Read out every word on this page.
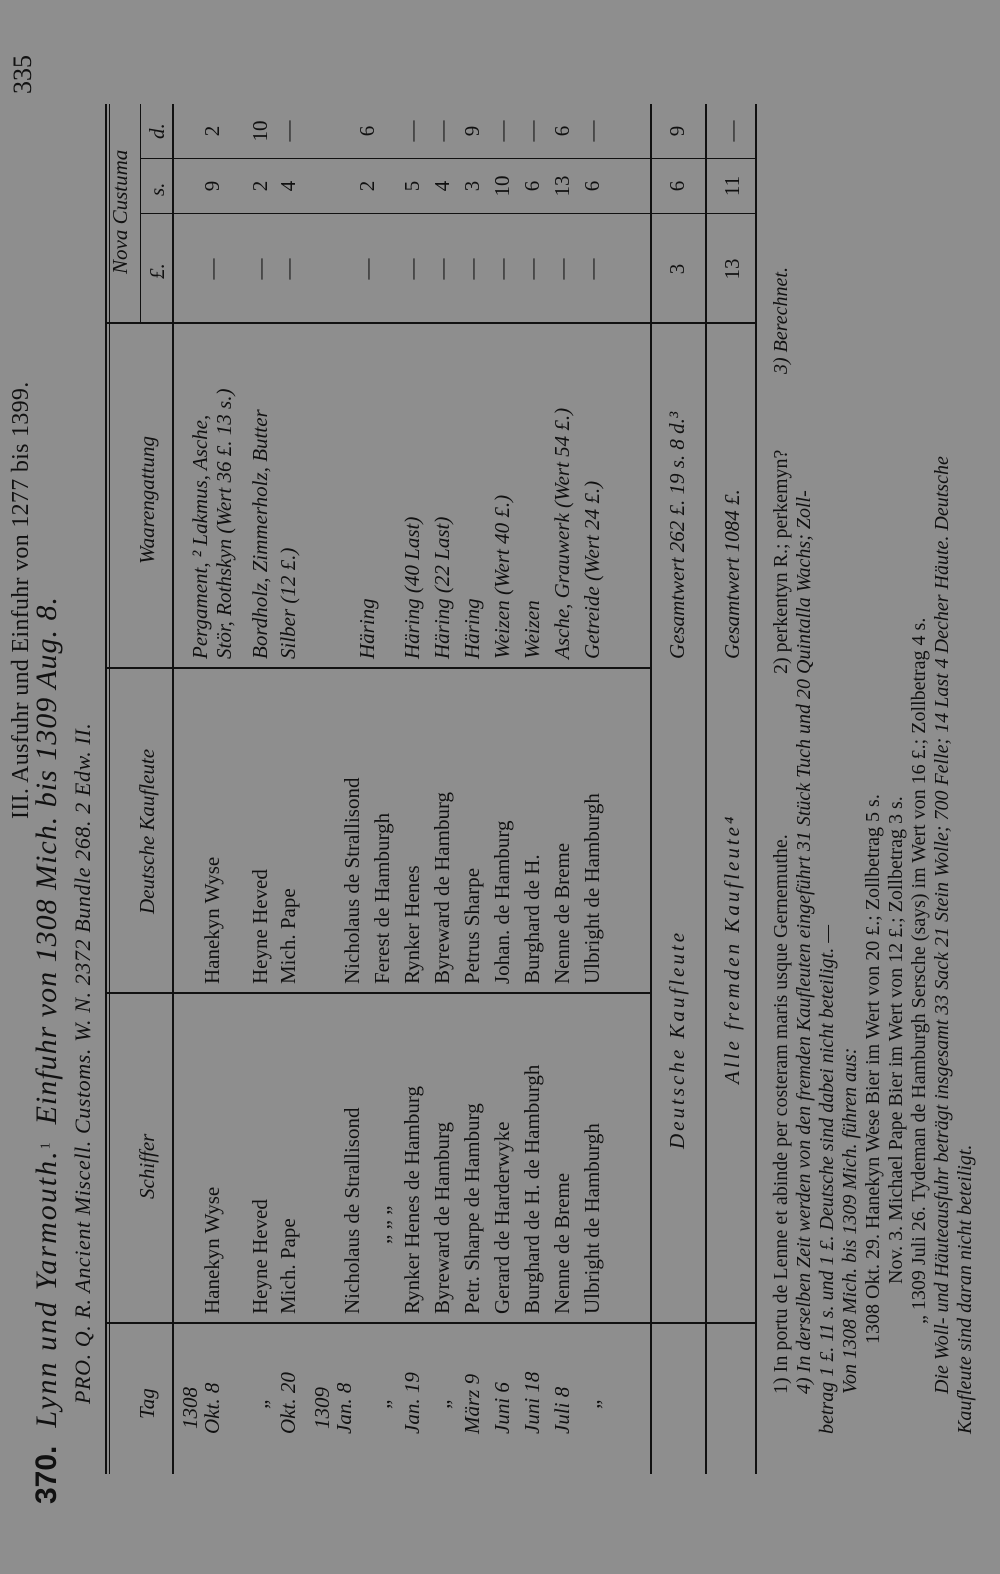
III. Ausfuhr und Einfuhr von 1277 bis 1399.
335
370. Lynn und Yarmouth.$^1$ Einfuhr von 1308 Mich. bis 1309 Aug. 8. PRO. Q. R. Ancient Miscell. Customs. W. N. 2372 Bundle 268. 2 Edw. II. Tag
Schiffer
Deutsche Kaufleute
Waarengattung
Nova Custuma £.
s.
d.
1308
Okt. 8
Hanekyn Wyse
Hanekyn Wyse
Pergament, ² Lakmus, Asche, Stör, Rothskyn (Wert 36 £. 13 s.)
—
9
2
„
Heyne Heved
Heyne Heved
Bordholz, Zimmerholz, Butter
—
2
10
Okt. 20
Mich. Pape
Mich. Pape
Silber (12 £.)
—
4
—
1309
Jan. 8
Nicholaus de Strallisond
Nicholaus de Strallisond
Häring
—
2
6
„
„ „ „
Ferest de Hamburgh
Jan. 19
Rynker Henes de Hamburg
Rynker Henes
Häring (40 Last)
—
5
—
„
Byreward de Hamburg
Byreward de Hamburg
Häring (22 Last)
—
4
—
März 9
Petr. Sharpe de Hamburg
Petrus Sharpe
Häring
—
3
9
Juni 6
Gerard de Harderwyke
Johan. de Hamburg
Weizen (Wert 40 £.)
—
10
—
Juni 18
Burghard de H. de Hamburgh
Burghard de H.
Weizen
—
6
—
Juli 8
Nenne de Breme
Nenne de Breme
Asche, Grauwerk (Wert 54 £.)
—
13
6
„
Ulbright de Hamburgh
Ulbright de Hamburgh
Getreide (Wert 24 £.)
—
6
—
Deutsche Kaufleute
Gesamtwert 262 £. 19 s. 8 d.³
3
6
9
Alle fremden Kaufleute⁴
Gesamtwert 1084 £.
13
11
—
1) In portu de Lenne et abinde per costeram maris usque Gernemuthe.
2) perkentyn R.; perkemyn?
3) Berechnet.
4) In derselben Zeit werden von den fremden Kaufleuten eingeführt 31 Stück Tuch und 20 Quintalla Wachs; Zoll- betrag 1 £. 11 s. und 1 £. Deutsche sind dabei nicht beteiligt. — Von 1308 Mich. bis 1309 Mich. führen aus: 1308 Okt. 29. Hanekyn Wese Bier im Wert von 20 £.; Zollbetrag 5 s. Nov. 3. Michael Pape Bier im Wert von 12 £.; Zollbetrag 3 s. „ 1309 Juli 26. Tydeman de Hamburgh Sersche (says) im Wert von 16 £.; Zollbetrag 4 s. Die Woll- und Häuteausfuhr beträgt insgesamt 33 Sack 21 Stein Wolle; 700 Felle; 14 Last 4 Decher Häute. Deutsche Kaufleute sind daran nicht beteiligt.
